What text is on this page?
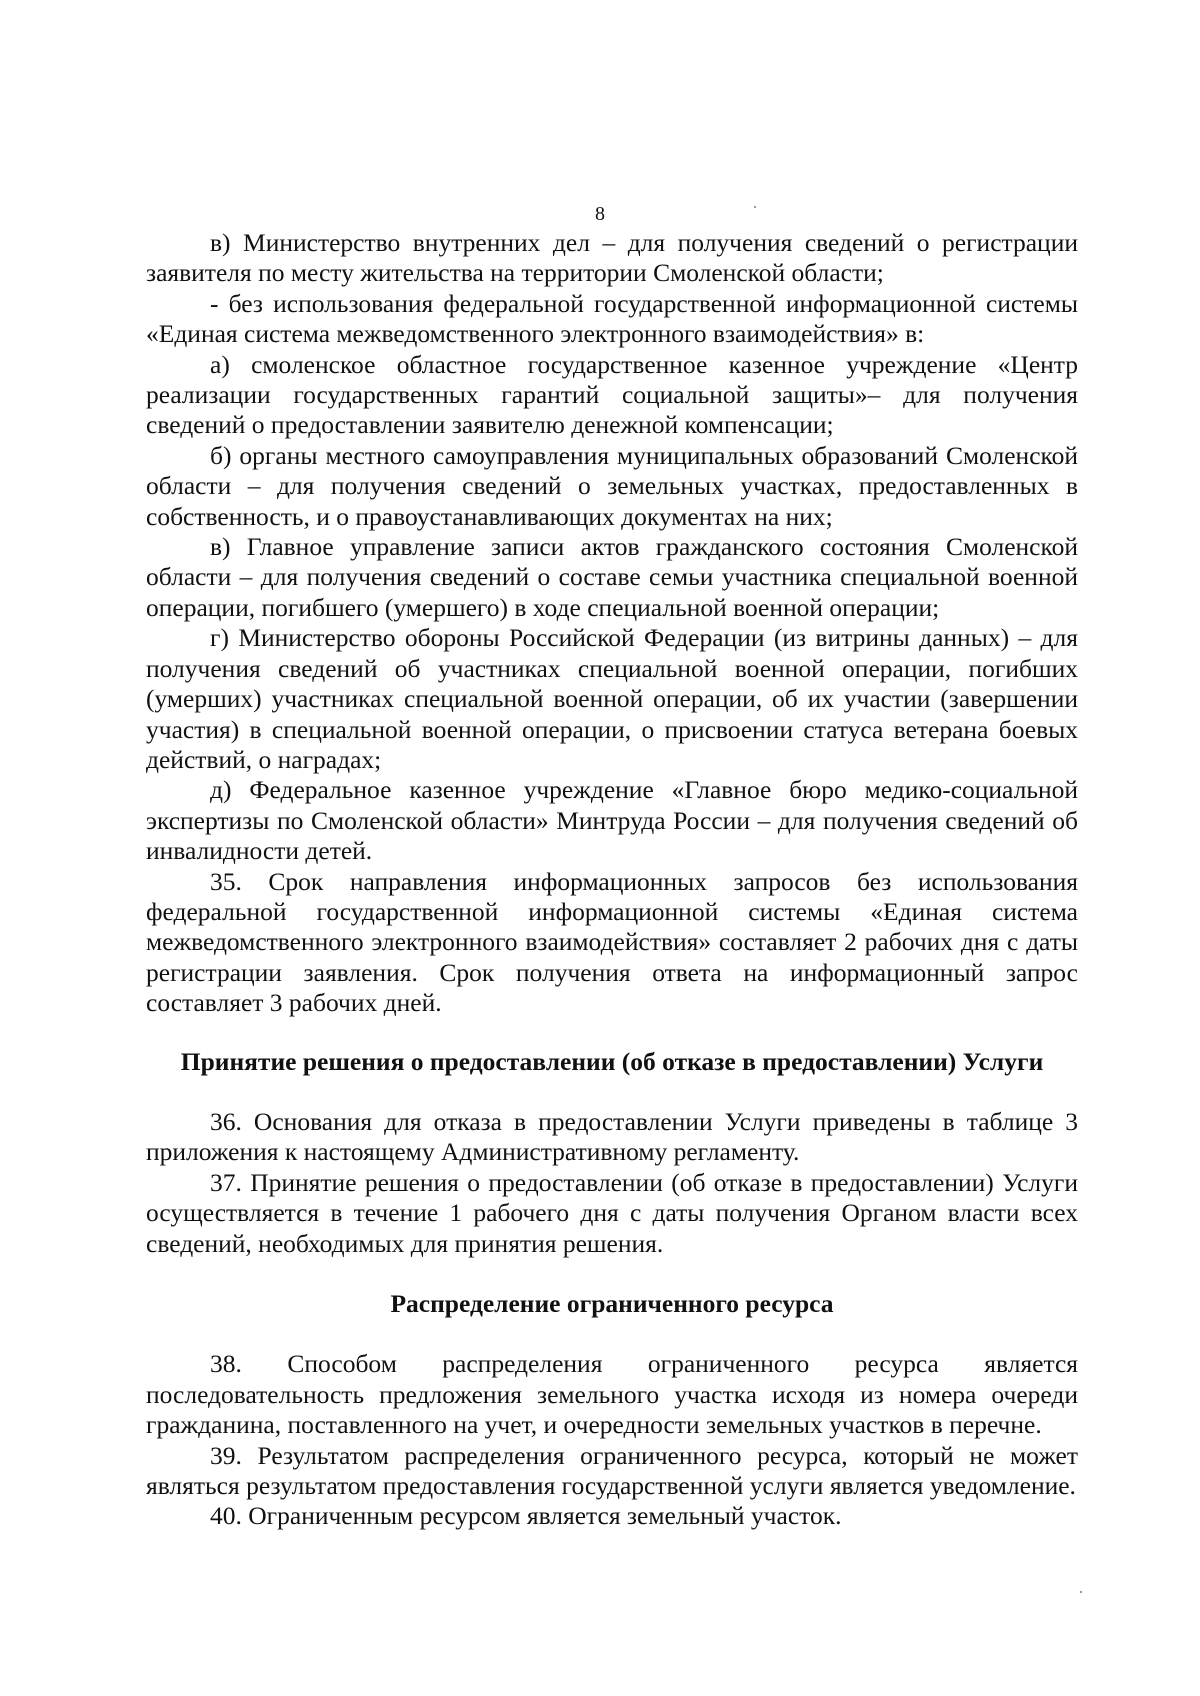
8

в) Министерство внутренних дел – для получения сведений о регистрации заявителя по месту жительства на территории Смоленской области;

- без использования федеральной государственной информационной системы «Единая система межведомственного электронного взаимодействия» в:

а) смоленское областное государственное казенное учреждение «Центр реализации государственных гарантий социальной защиты»– для получения сведений о предоставлении заявителю денежной компенсации;

б) органы местного самоуправления муниципальных образований Смоленской области – для получения сведений о земельных участках, предоставленных в собственность, и о правоустанавливающих документах на них;

в) Главное управление записи актов гражданского состояния Смоленской области – для получения сведений о составе семьи участника специальной военной операции, погибшего (умершего) в ходе специальной военной операции;

г) Министерство обороны Российской Федерации (из витрины данных) – для получения сведений об участниках специальной военной операции, погибших (умерших) участниках специальной военной операции, об их участии (завершении участия) в специальной военной операции, о присвоении статуса ветерана боевых действий, о наградах;

д) Федеральное казенное учреждение «Главное бюро медико-социальной экспертизы по Смоленской области» Минтруда России – для получения сведений об инвалидности детей.

35. Срок направления информационных запросов без использования федеральной государственной информационной системы «Единая система межведомственного электронного взаимодействия» составляет 2 рабочих дня с даты регистрации заявления. Срок получения ответа на информационный запрос составляет 3 рабочих дней.

Принятие решения о предоставлении (об отказе в предоставлении) Услуги

36. Основания для отказа в предоставлении Услуги приведены в таблице 3 приложения к настоящему Административному регламенту.

37. Принятие решения о предоставлении (об отказе в предоставлении) Услуги осуществляется в течение 1 рабочего дня с даты получения Органом власти всех сведений, необходимых для принятия решения.

Распределение ограниченного ресурса

38. Способом распределения ограниченного ресурса является последовательность предложения земельного участка исходя из номера очереди гражданина, поставленного на учет, и очередности земельных участков в перечне.

39. Результатом распределения ограниченного ресурса, который не может являться результатом предоставления государственной услуги является уведомление.

40. Ограниченным ресурсом является земельный участок.
